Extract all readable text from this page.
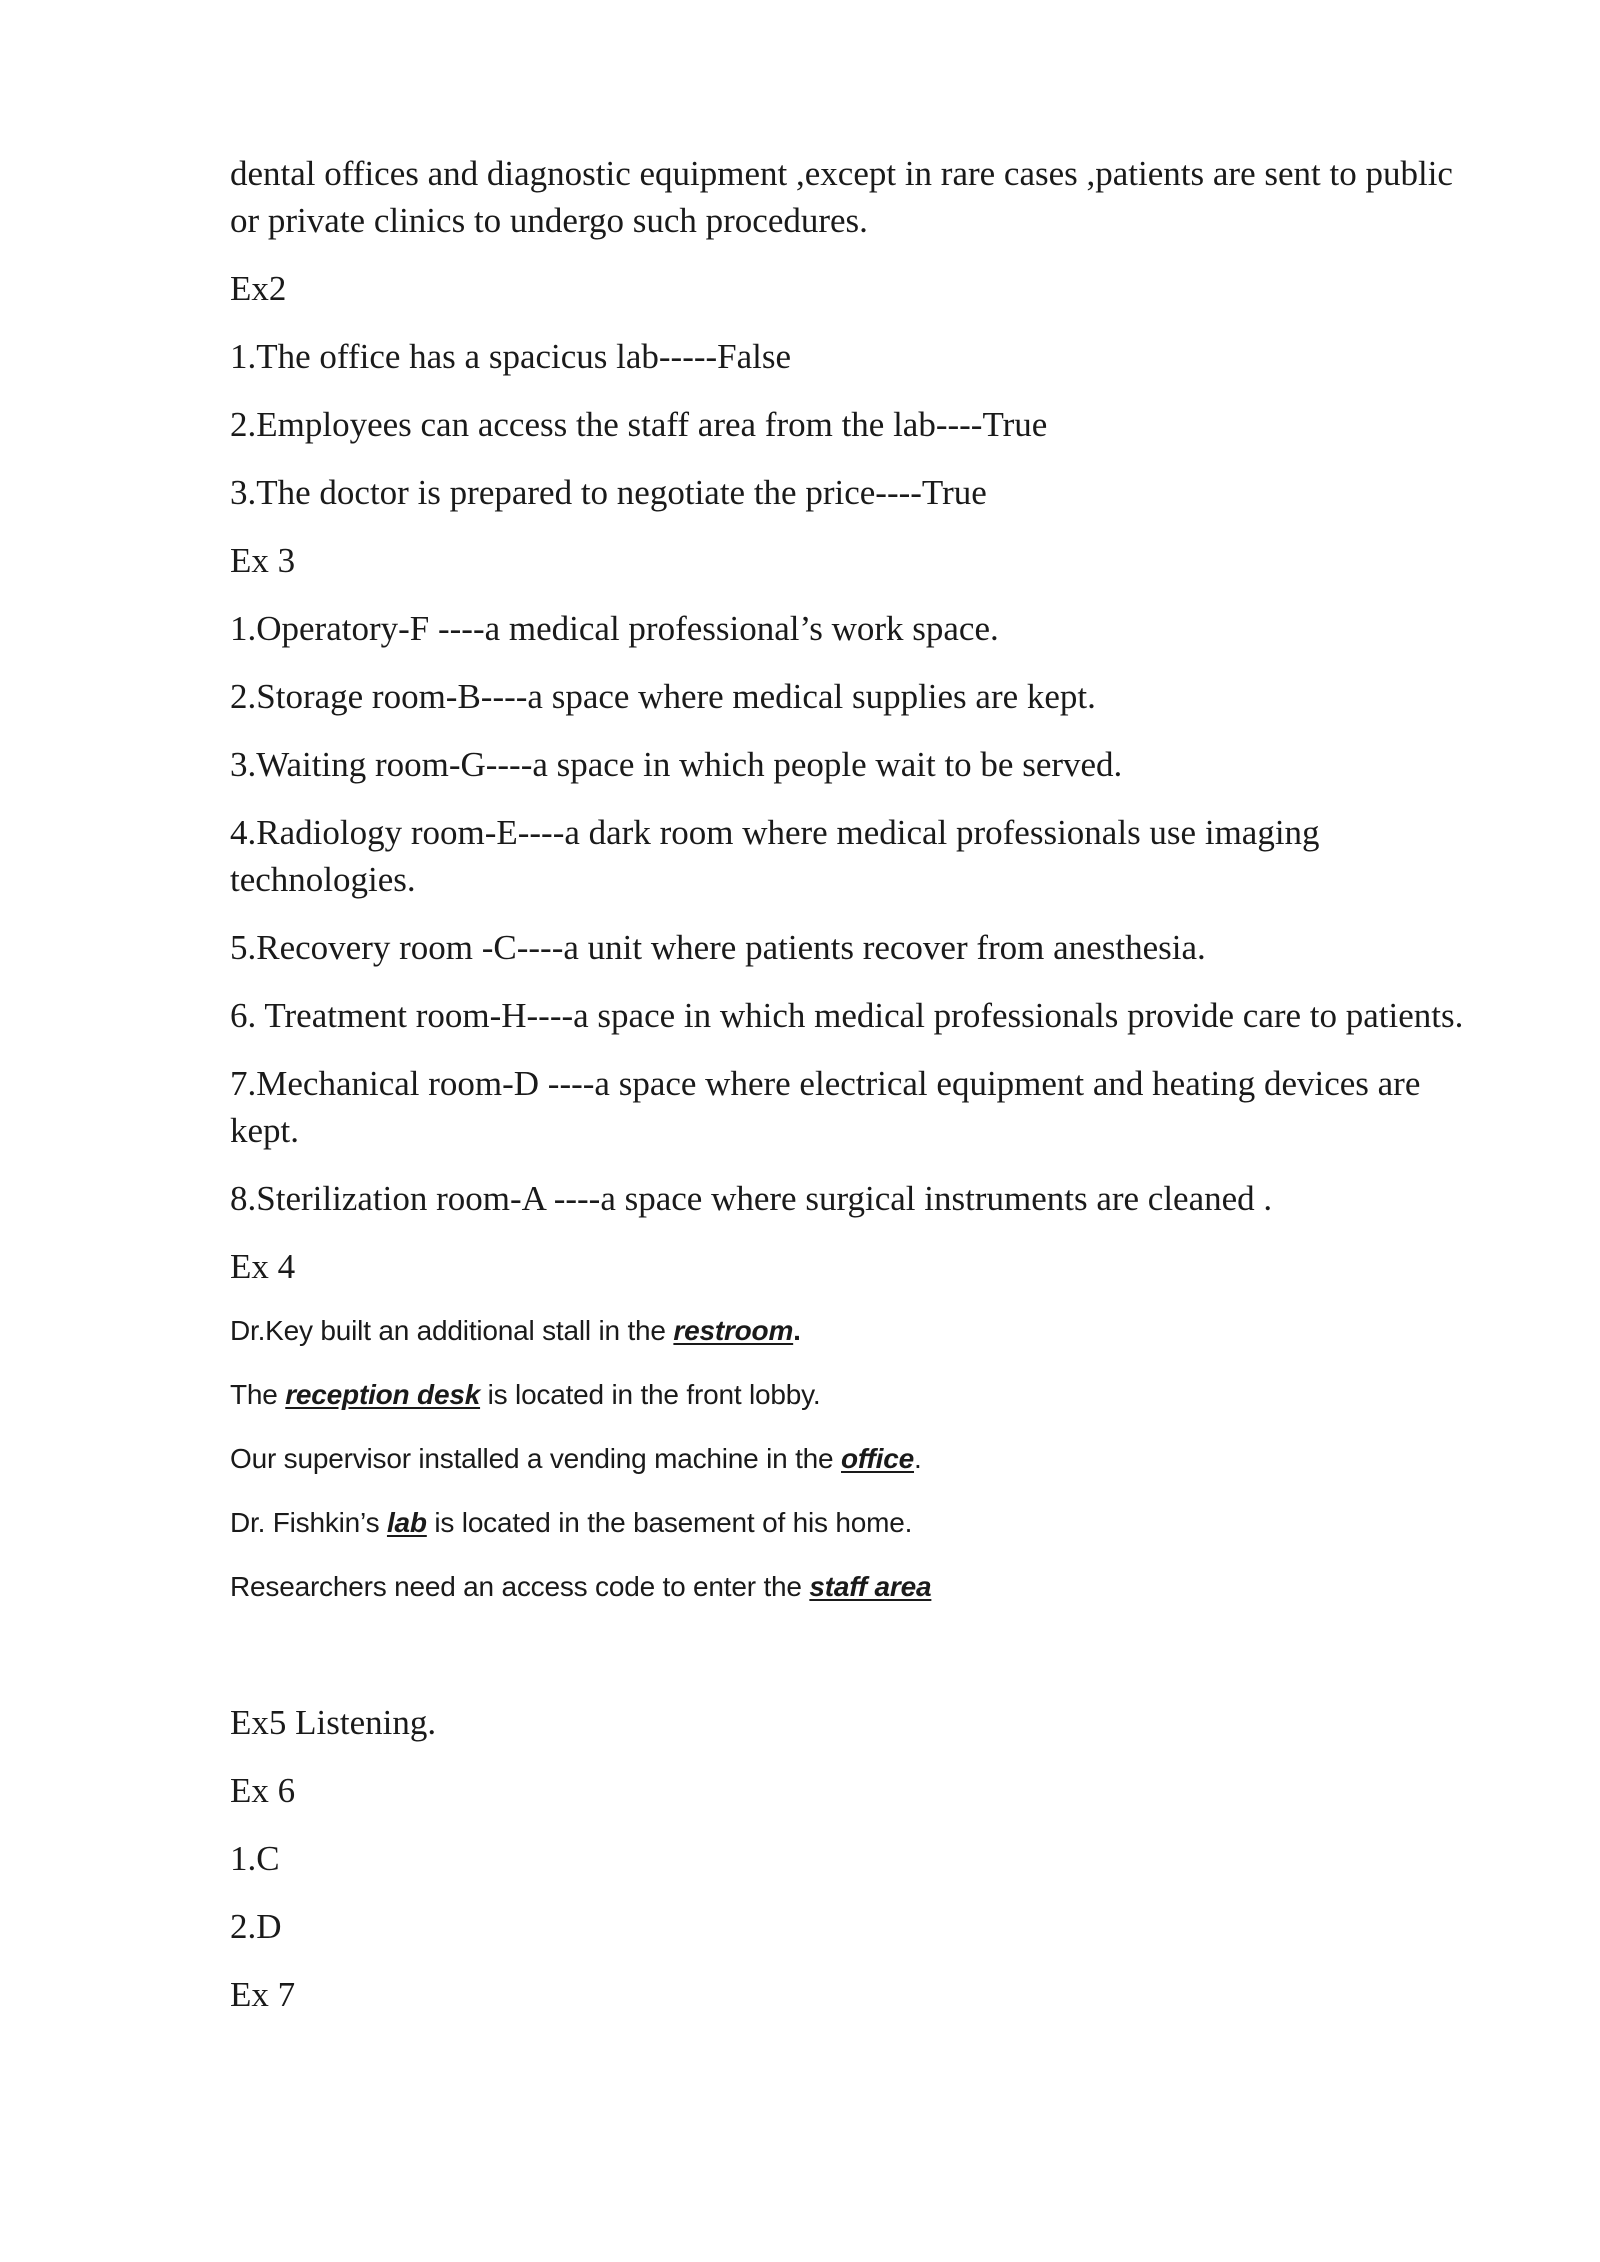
dental offices and diagnostic equipment ,except in rare cases ,patients are sent to public or private clinics to undergo such procedures.

Ex2

1.The office has a spacicus lab-----False

2.Employees can access the staff area from the lab----True

3.The doctor is prepared to negotiate the price----True

Ex 3

1.Operatory-F ----a medical professional’s work space.

2.Storage room-B----a space where medical supplies are kept.

3.Waiting room-G----a space in which people wait to be served.

4.Radiology room-E----a dark room where medical professionals use imaging technologies.

5.Recovery room -C----a unit where patients recover from anesthesia.

6. Treatment room-H----a space in which medical professionals provide care to patients.

7.Mechanical room-D ----a space where electrical equipment and heating devices are kept.

8.Sterilization room-A ----a space where surgical instruments are cleaned .

Ex 4

Dr.Key built an additional stall in the restroom.

The reception desk is located in the front lobby.

Our supervisor installed a vending machine in the office.

Dr. Fishkin’s lab is located in the basement of his home.

Researchers need an access code to enter the staff area

Ex5 Listening.

Ex 6

1.C

2.D

Ex 7
